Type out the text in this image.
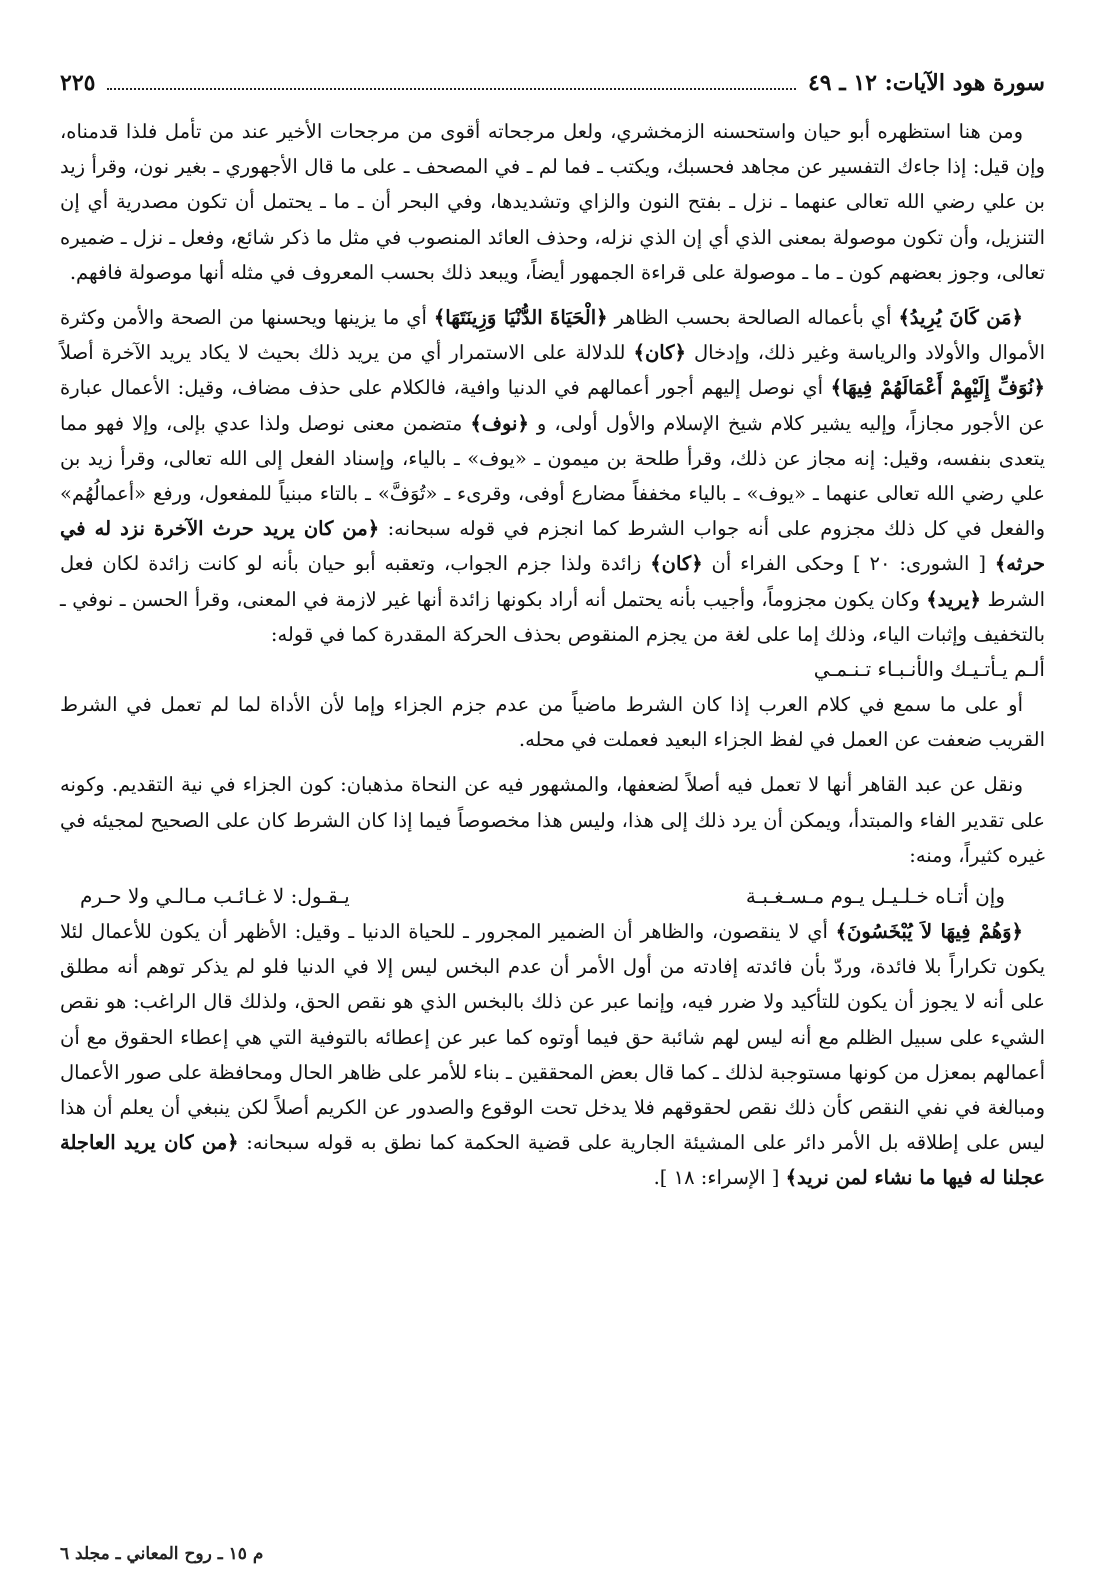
سورة هود الآيات: ١٢ ـ ٤٩
٢٢٥

ومن هنا استظهره أبو حيان واستحسنه الزمخشري، ولعل مرجحاته أقوى من مرجحات الأخير عند من تأمل فلذا قدمناه، وإن قيل: إذا جاءك التفسير عن مجاهد فحسبك، ويكتب ـ فما لم ـ في المصحف ـ على ما قال الأجهوري ـ بغير نون، وقرأ زيد بن علي رضي الله تعالى عنهما ـ نزل ـ بفتح النون والزاي وتشديدها، وفي البحر أن ـ ما ـ يحتمل أن تكون مصدرية أي إن التنزيل، وأن تكون موصولة بمعنى الذي أي إن الذي نزله، وحذف العائد المنصوب في مثل ما ذكر شائع، وفعل ـ نزل ـ ضميره تعالى، وجوز بعضهم كون ـ ما ـ موصولة على قراءة الجمهور أيضاً، ويبعد ذلك بحسب المعروف في مثله أنها موصولة فافهم.

﴿مَن كَانَ يُرِيدُ﴾ أي بأعماله الصالحة بحسب الظاهر ﴿الْحَيَاةَ الدُّنْيَا وَزِينَتَهَا﴾ أي ما يزينها ويحسنها من الصحة والأمن وكثرة الأموال والأولاد والرياسة وغير ذلك، وإدخال ﴿كان﴾ للدلالة على الاستمرار أي من يريد ذلك بحيث لا يكاد يريد الآخرة أصلاً ﴿نُوَفِّ إِلَيْهِمْ أَعْمَالَهُمْ فِيهَا﴾ أي نوصل إليهم أجور أعمالهم في الدنيا وافية، فالكلام على حذف مضاف، وقيل: الأعمال عبارة عن الأجور مجازاً، وإليه يشير كلام شيخ الإسلام والأول أولى، و ﴿نوف﴾ متضمن معنى نوصل ولذا عدي بإلى، وإلا فهو مما يتعدى بنفسه، وقيل: إنه مجاز عن ذلك، وقرأ طلحة بن ميمون ـ «يوف» ـ بالياء، وإسناد الفعل إلى الله تعالى، وقرأ زيد بن علي رضي الله تعالى عنهما ـ «يوف» ـ بالياء مخففاً مضارع أوفى، وقرىء ـ «تُوَفَّ» ـ بالتاء مبنياً للمفعول، ورفع «أعمالُهُم» والفعل في كل ذلك مجزوم على أنه جواب الشرط كما انجزم في قوله سبحانه: ﴿من كان يريد حرث الآخرة نزد له في حرثه﴾ [ الشورى: ٢٠ ] وحكى الفراء أن ﴿كان﴾ زائدة ولذا جزم الجواب، وتعقبه أبو حيان بأنه لو كانت زائدة لكان فعل الشرط ﴿يريد﴾ وكان يكون مجزوماً، وأجيب بأنه يحتمل أنه أراد بكونها زائدة أنها غير لازمة في المعنى، وقرأ الحسن ـ نوفي ـ بالتخفيف وإثبات الياء، وذلك إما على لغة من يجزم المنقوص بحذف الحركة المقدرة كما في قوله:

ألـم يـأتـيـك والأنـبـاء تـنـمـي

أو على ما سمع في كلام العرب إذا كان الشرط ماضياً من عدم جزم الجزاء وإما لأن الأداة لما لم تعمل في الشرط القريب ضعفت عن العمل في لفظ الجزاء البعيد فعملت في محله.

ونقل عن عبد القاهر أنها لا تعمل فيه أصلاً لضعفها، والمشهور فيه عن النحاة مذهبان: كون الجزاء في نية التقديم. وكونه على تقدير الفاء والمبتدأ، ويمكن أن يرد ذلك إلى هذا، وليس هذا مخصوصاً فيما إذا كان الشرط كان على الصحيح لمجيئه في غيره كثيراً، ومنه:

وإن أتـاه خـلـيـل يـوم مـسـغـبـة
يـقـول: لا غـائـب مـالـي ولا حـرم

﴿وَهُمْ فِيهَا لاَ يُبْخَسُونَ﴾ أي لا ينقصون، والظاهر أن الضمير المجرور ـ للحياة الدنيا ـ وقيل: الأظهر أن يكون للأعمال لئلا يكون تكراراً بلا فائدة، وردّ بأن فائدته إفادته من أول الأمر أن عدم البخس ليس إلا في الدنيا فلو لم يذكر توهم أنه مطلق على أنه لا يجوز أن يكون للتأكيد ولا ضرر فيه، وإنما عبر عن ذلك بالبخس الذي هو نقص الحق، ولذلك قال الراغب: هو نقص الشيء على سبيل الظلم مع أنه ليس لهم شائبة حق فيما أوتوه كما عبر عن إعطائه بالتوفية التي هي إعطاء الحقوق مع أن أعمالهم بمعزل من كونها مستوجبة لذلك ـ كما قال بعض المحققين ـ بناء للأمر على ظاهر الحال ومحافظة على صور الأعمال ومبالغة في نفي النقص كأن ذلك نقص لحقوقهم فلا يدخل تحت الوقوع والصدور عن الكريم أصلاً لكن ينبغي أن يعلم أن هذا ليس على إطلاقه بل الأمر دائر على المشيئة الجارية على قضية الحكمة كما نطق به قوله سبحانه: ﴿من كان يريد العاجلة عجلنا له فيها ما نشاء لمن نريد﴾ [ الإسراء: ١٨ ].

م ١٥ ـ روح المعاني ـ مجلد ٦
